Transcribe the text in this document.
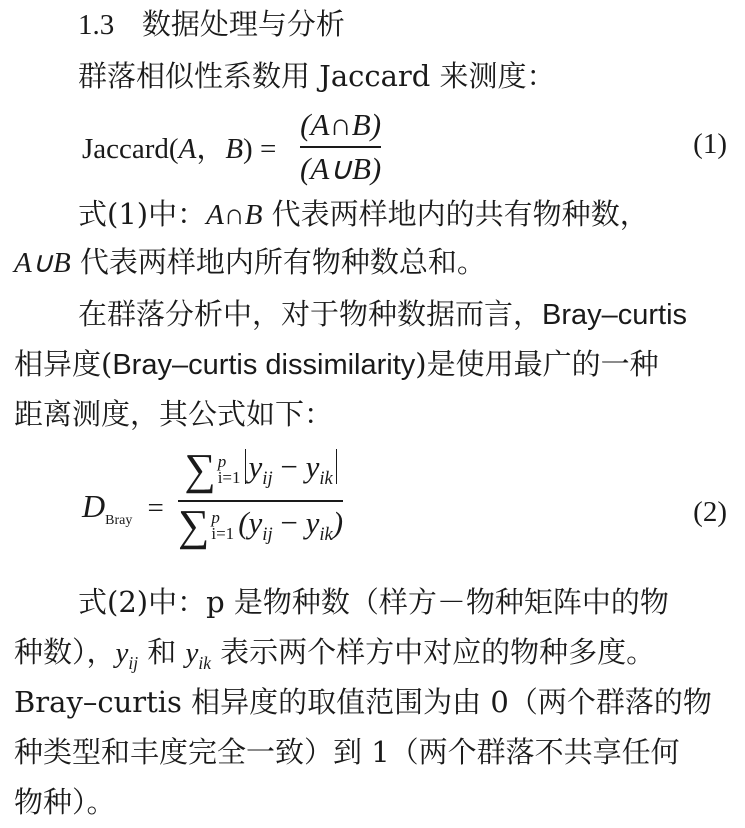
1.3 数据处理与分析
群落相似性系数用 Jaccard 来测度：
Jaccard(A，B) =
(A∩B)
(A∪B)
(1)
式(1)中：A∩B 代表两样地内的共有物种数，
A∪B 代表两样地内所有物种数总和。
在群落分析中，对于物种数据而言，Bray–curtis
相异度(Bray–curtis dissimilarity)是使用最广的一种
距离测度，其公式如下：
$D_{Bray}$ =
∑ p
i=1 $y_{ij} - y_{ik}$
∑ p
i=1 $(y_{ij} - y_{ik})$	(2)
式(2)中：p 是物种数（样方－物种矩阵中的物
种数），$y_{ij}$ 和 $y_{ik}$ 表示两个样方中对应的物种多度。
Bray–curtis 相异度的取值范围为由 0（两个群落的物
种类型和丰度完全一致）到 1（两个群落不共享任何
物种）。
